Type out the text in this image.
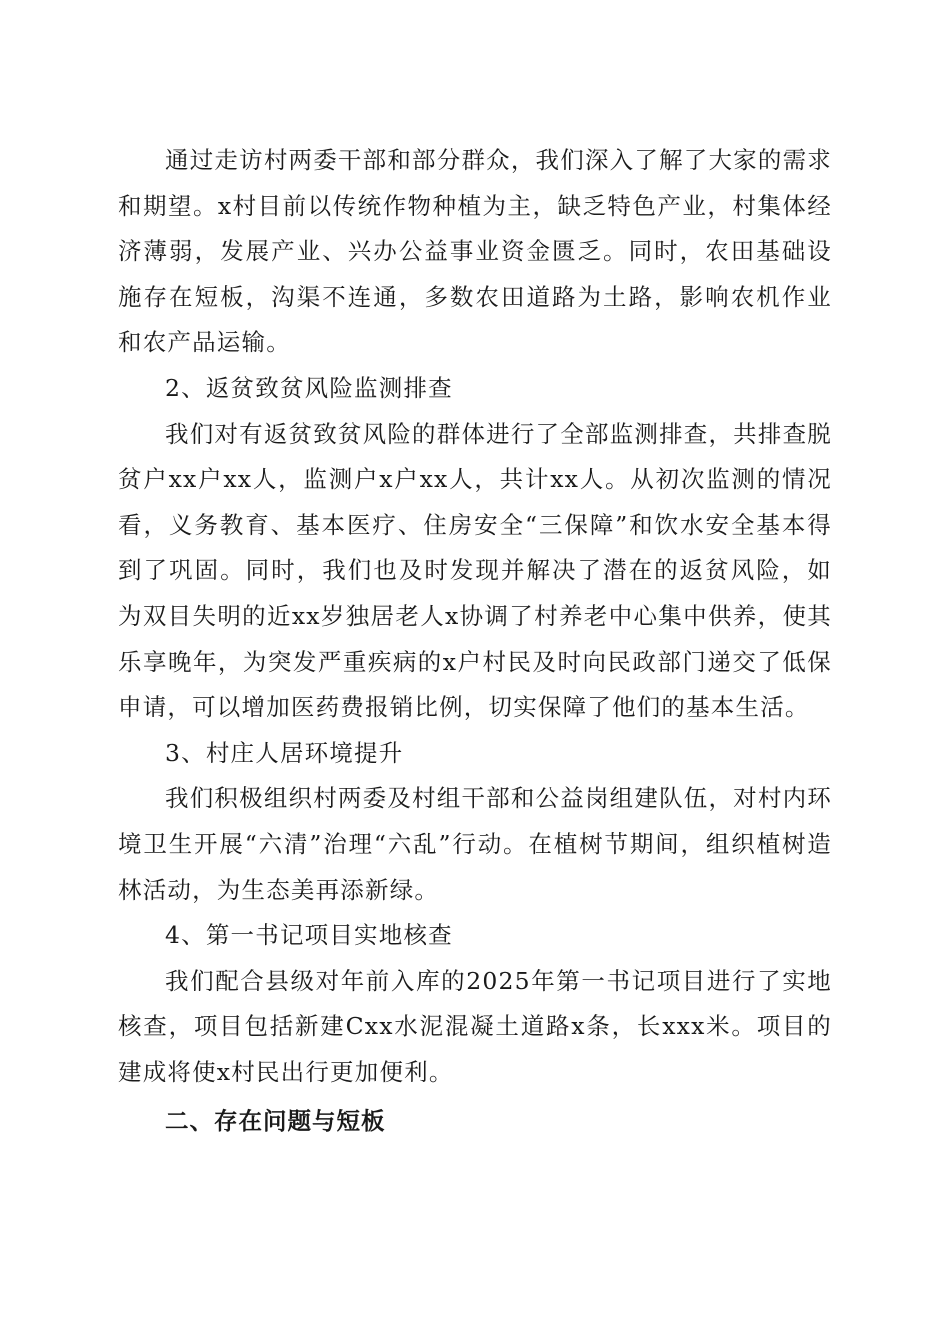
通过走访村两委干部和部分群众，我们深入了解了大家的需求和期望。x村目前以传统作物种植为主，缺乏特色产业，村集体经济薄弱，发展产业、兴办公益事业资金匮乏。同时，农田基础设施存在短板，沟渠不连通，多数农田道路为土路，影响农机作业和农产品运输。

2、返贫致贫风险监测排查

我们对有返贫致贫风险的群体进行了全部监测排查，共排查脱贫户xx户xx人，监测户x户xx人，共计xx人。从初次监测的情况看，义务教育、基本医疗、住房安全“三保障”和饮水安全基本得到了巩固。同时，我们也及时发现并解决了潜在的返贫风险，如为双目失明的近xx岁独居老人x协调了村养老中心集中供养，使其乐享晚年，为突发严重疾病的x户村民及时向民政部门递交了低保申请，可以增加医药费报销比例，切实保障了他们的基本生活。

3、村庄人居环境提升

我们积极组织村两委及村组干部和公益岗组建队伍，对村内环境卫生开展“六清”治理“六乱”行动。在植树节期间，组织植树造林活动，为生态美再添新绿。

4、第一书记项目实地核查

我们配合县级对年前入库的2025年第一书记项目进行了实地核查，项目包括新建Cxx水泥混凝土道路x条，长xxx米。项目的建成将使x村民出行更加便利。

二、存在问题与短板
